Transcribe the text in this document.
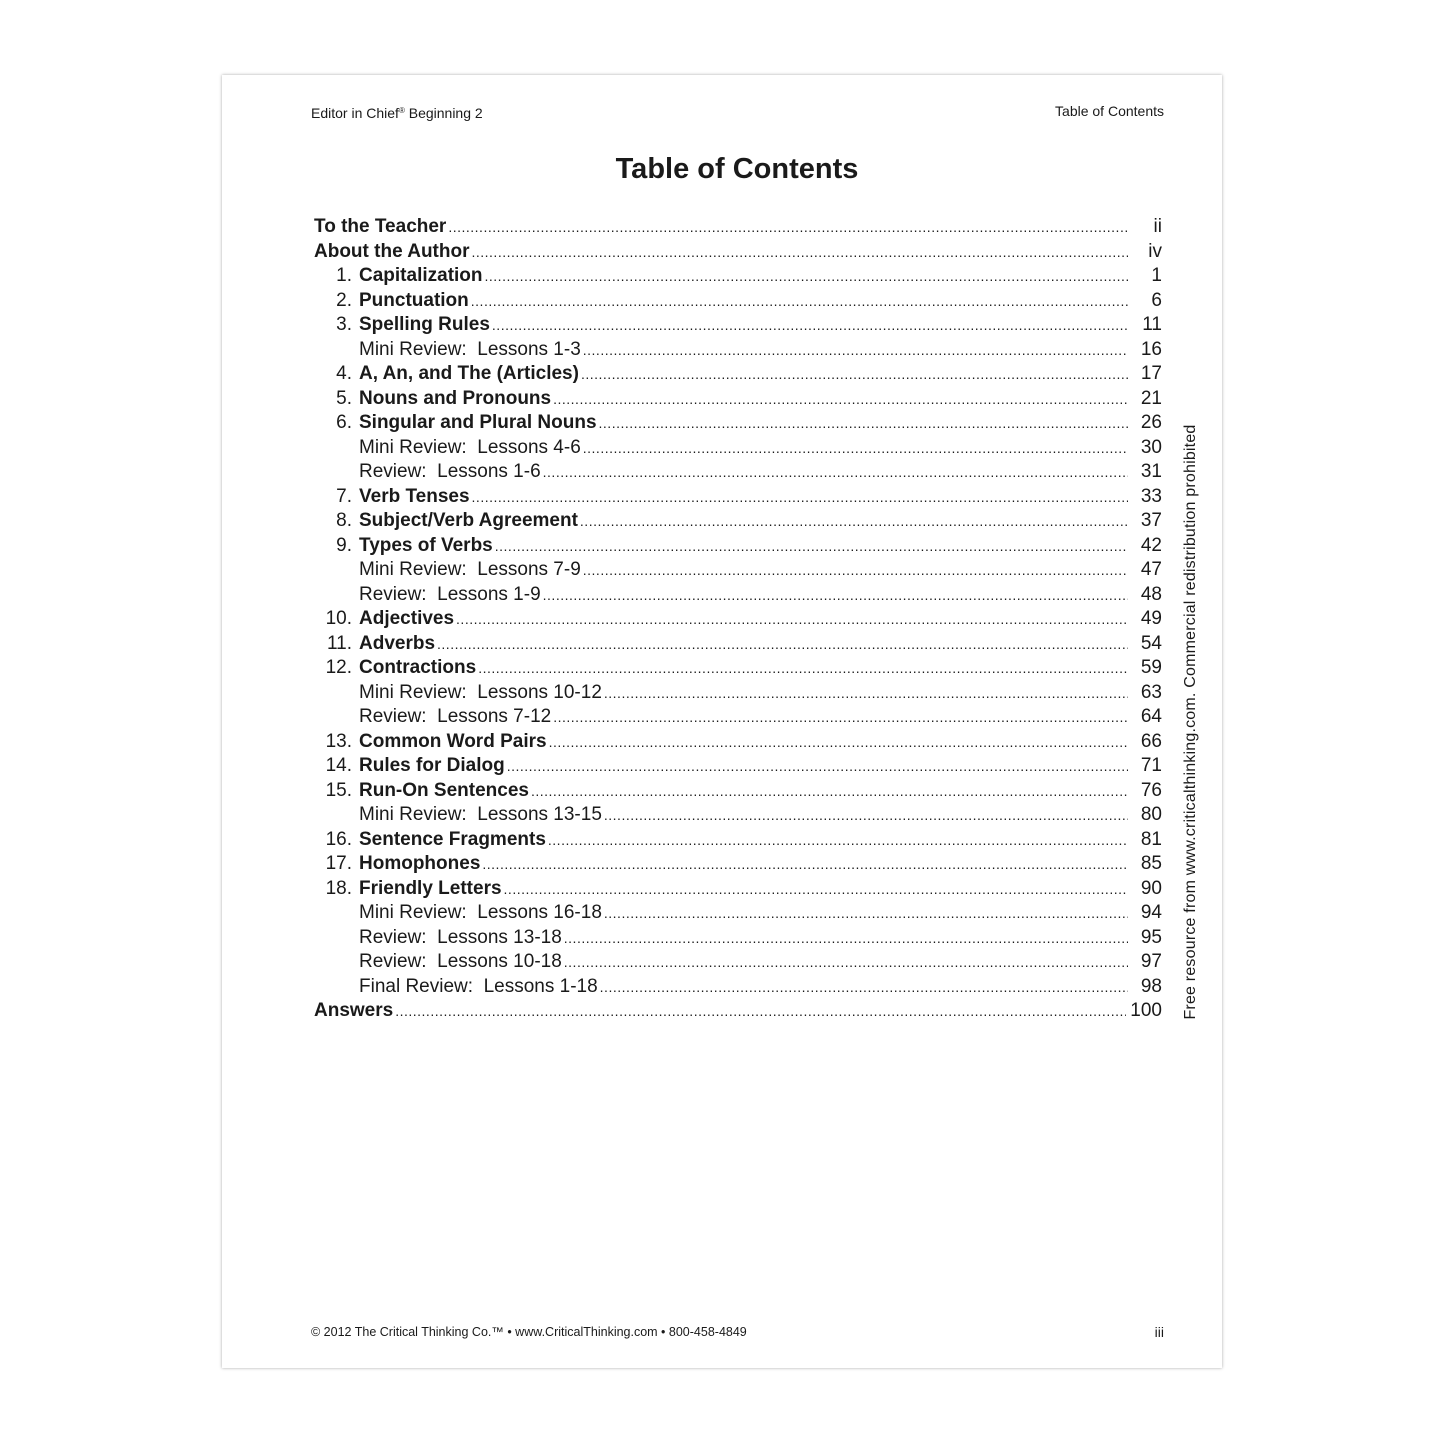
Editor in Chief® Beginning 2	Table of Contents
Table of Contents
To the Teacher .....	ii
About the Author .....	iv
1. Capitalization .....	1
2. Punctuation .....	6
3. Spelling Rules .....	11
Mini Review:  Lessons 1-3 .....	16
4. A, An, and The (Articles) .....	17
5. Nouns and Pronouns .....	21
6. Singular and Plural Nouns .....	26
Mini Review:  Lessons 4-6 .....	30
Review:  Lessons 1-6 .....	31
7. Verb Tenses .....	33
8. Subject/Verb Agreement .....	37
9. Types of Verbs .....	42
Mini Review:  Lessons 7-9 .....	47
Review:  Lessons 1-9 .....	48
10. Adjectives .....	49
11. Adverbs .....	54
12. Contractions .....	59
Mini Review:  Lessons 10-12 .....	63
Review:  Lessons 7-12 .....	64
13. Common Word Pairs .....	66
14. Rules for Dialog .....	71
15. Run-On Sentences .....	76
Mini Review:  Lessons 13-15 .....	80
16. Sentence Fragments .....	81
17. Homophones .....	85
18. Friendly Letters .....	90
Mini Review:  Lessons 16-18 .....	94
Review:  Lessons 13-18 .....	95
Review:  Lessons 10-18 .....	97
Final Review:  Lessons 1-18 .....	98
Answers .....	100
© 2012 The Critical Thinking Co.™ • www.CriticalThinking.com • 800-458-4849	iii
Free resource from www.criticalthinking.com. Commercial redistribution prohibited
